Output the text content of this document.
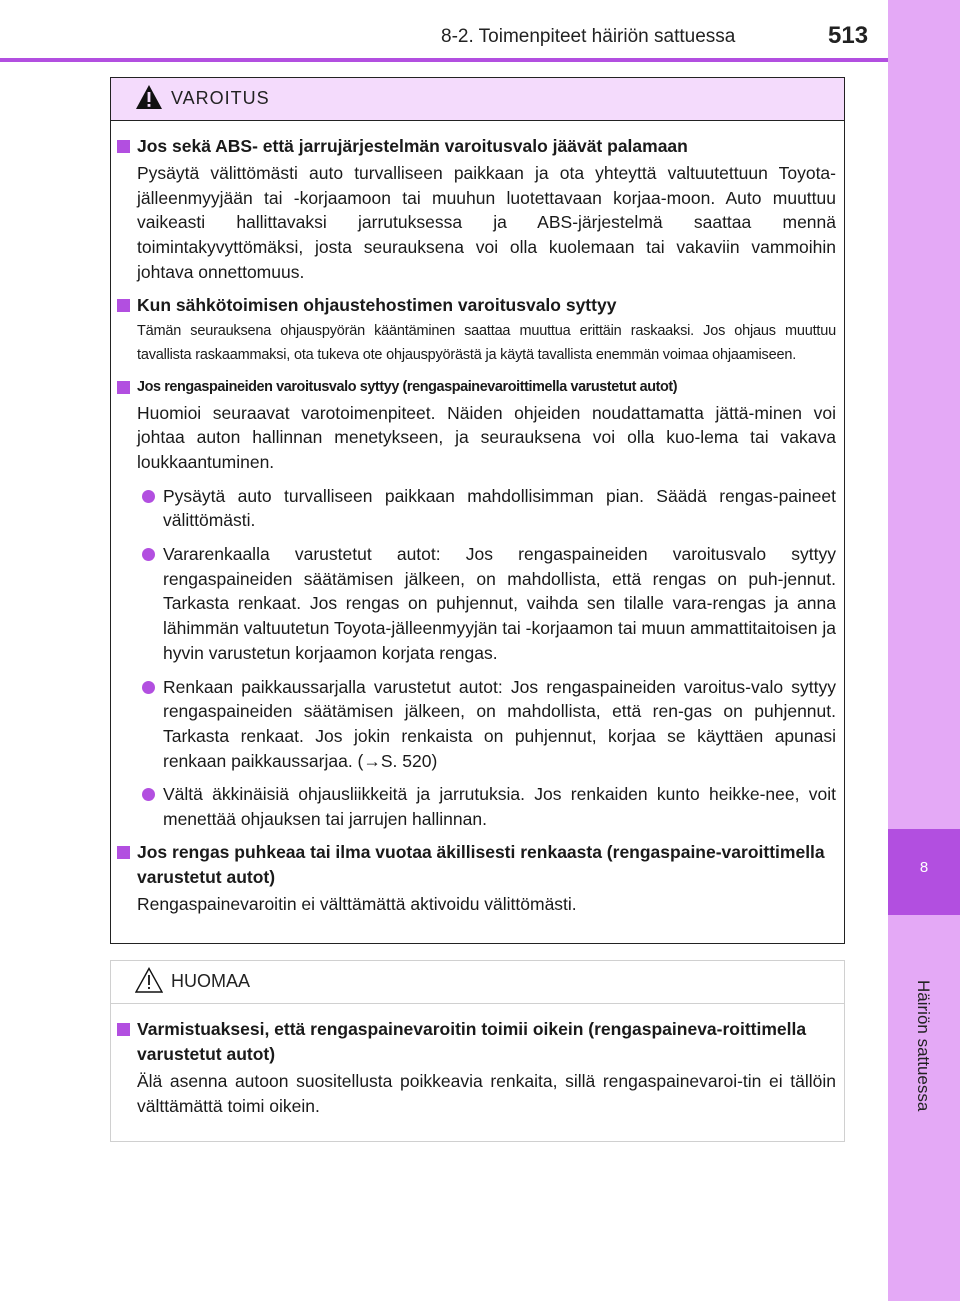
8
Häiriön sattuessa
8-2. Toimenpiteet häiriön sattuessa	513
VAROITUS
Jos sekä ABS- että jarrujärjestelmän varoitusvalo jäävät palamaan
Pysäytä välittömästi auto turvalliseen paikkaan ja ota yhteyttä valtuutettuun Toyota-jälleenmyyjään tai -korjaamoon tai muuhun luotettavaan korjaa-moon. Auto muuttuu vaikeasti hallittavaksi jarrutuksessa ja ABS-järjestelmä saattaa mennä toimintakyvyttömäksi, josta seurauksena voi olla kuolemaan tai vakaviin vammoihin johtava onnettomuus.
Kun sähkötoimisen ohjaustehostimen varoitusvalo syttyy
Tämän seurauksena ohjauspyörän kääntäminen saattaa muuttua erittäin raskaaksi. Jos ohjaus muuttuu tavallista raskaammaksi, ota tukeva ote ohjauspyörästä ja käytä tavallista enemmän voimaa ohjaamiseen.
Jos rengaspaineiden varoitusvalo syttyy (rengaspainevaroittimella varustetut autot)
Huomioi seuraavat varotoimenpiteet. Näiden ohjeiden noudattamatta jättä-minen voi johtaa auton hallinnan menetykseen, ja seurauksena voi olla kuo-lema tai vakava loukkaantuminen.
Pysäytä auto turvalliseen paikkaan mahdollisimman pian. Säädä rengas-paineet välittömästi.
Vararenkaalla varustetut autot: Jos rengaspaineiden varoitusvalo syttyy rengaspaineiden säätämisen jälkeen, on mahdollista, että rengas on puh-jennut. Tarkasta renkaat. Jos rengas on puhjennut, vaihda sen tilalle vara-rengas ja anna lähimmän valtuutetun Toyota-jälleenmyyjän tai -korjaamon tai muun ammattitaitoisen ja hyvin varustetun korjaamon korjata rengas.
Renkaan paikkaussarjalla varustetut autot: Jos rengaspaineiden varoitus-valo syttyy rengaspaineiden säätämisen jälkeen, on mahdollista, että ren-gas on puhjennut. Tarkasta renkaat. Jos jokin renkaista on puhjennut, korjaa se käyttäen apunasi renkaan paikkaussarjaa. (→S. 520)
Vältä äkkinäisiä ohjausliikkeitä ja jarrutuksia. Jos renkaiden kunto heikke-nee, voit menettää ohjauksen tai jarrujen hallinnan.
Jos rengas puhkeaa tai ilma vuotaa äkillisesti renkaasta (rengaspaine-varoittimella varustetut autot)
Rengaspainevaroitin ei välttämättä aktivoidu välittömästi.
HUOMAA
Varmistuaksesi, että rengaspainevaroitin toimii oikein (rengaspaineva-roittimella varustetut autot)
Älä asenna autoon suositellusta poikkeavia renkaita, sillä rengaspainevaroi-tin ei tällöin välttämättä toimi oikein.
